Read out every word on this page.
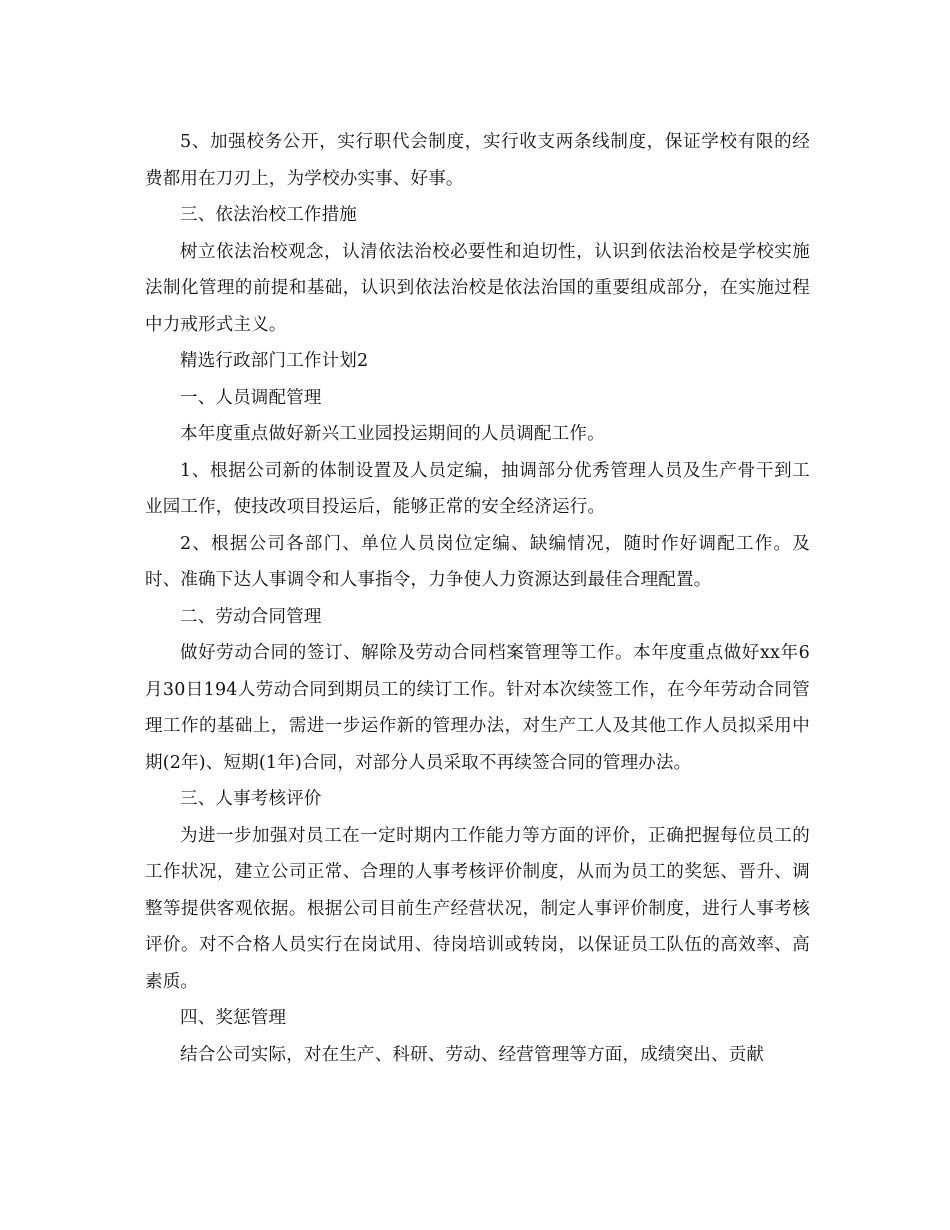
5、加强校务公开，实行职代会制度，实行收支两条线制度，保证学校有限的经费都用在刀刃上，为学校办实事、好事。

三、依法治校工作措施

树立依法治校观念，认清依法治校必要性和迫切性，认识到依法治校是学校实施法制化管理的前提和基础，认识到依法治校是依法治国的重要组成部分，在实施过程中力戒形式主义。

精选行政部门工作计划2

一、人员调配管理

本年度重点做好新兴工业园投运期间的人员调配工作。

1、根据公司新的体制设置及人员定编，抽调部分优秀管理人员及生产骨干到工业园工作，使技改项目投运后，能够正常的安全经济运行。

2、根据公司各部门、单位人员岗位定编、缺编情况，随时作好调配工作。及时、准确下达人事调令和人事指令，力争使人力资源达到最佳合理配置。

二、劳动合同管理

做好劳动合同的签订、解除及劳动合同档案管理等工作。本年度重点做好xx年6月30日194人劳动合同到期员工的续订工作。针对本次续签工作，在今年劳动合同管理工作的基础上，需进一步运作新的管理办法，对生产工人及其他工作人员拟采用中期(2年)、短期(1年)合同，对部分人员采取不再续签合同的管理办法。

三、人事考核评价

为进一步加强对员工在一定时期内工作能力等方面的评价，正确把握每位员工的工作状况，建立公司正常、合理的人事考核评价制度，从而为员工的奖惩、晋升、调整等提供客观依据。根据公司目前生产经营状况，制定人事评价制度，进行人事考核评价。对不合格人员实行在岗试用、待岗培训或转岗，以保证员工队伍的高效率、高素质。

四、奖惩管理

结合公司实际，对在生产、科研、劳动、经营管理等方面，成绩突出、贡献
